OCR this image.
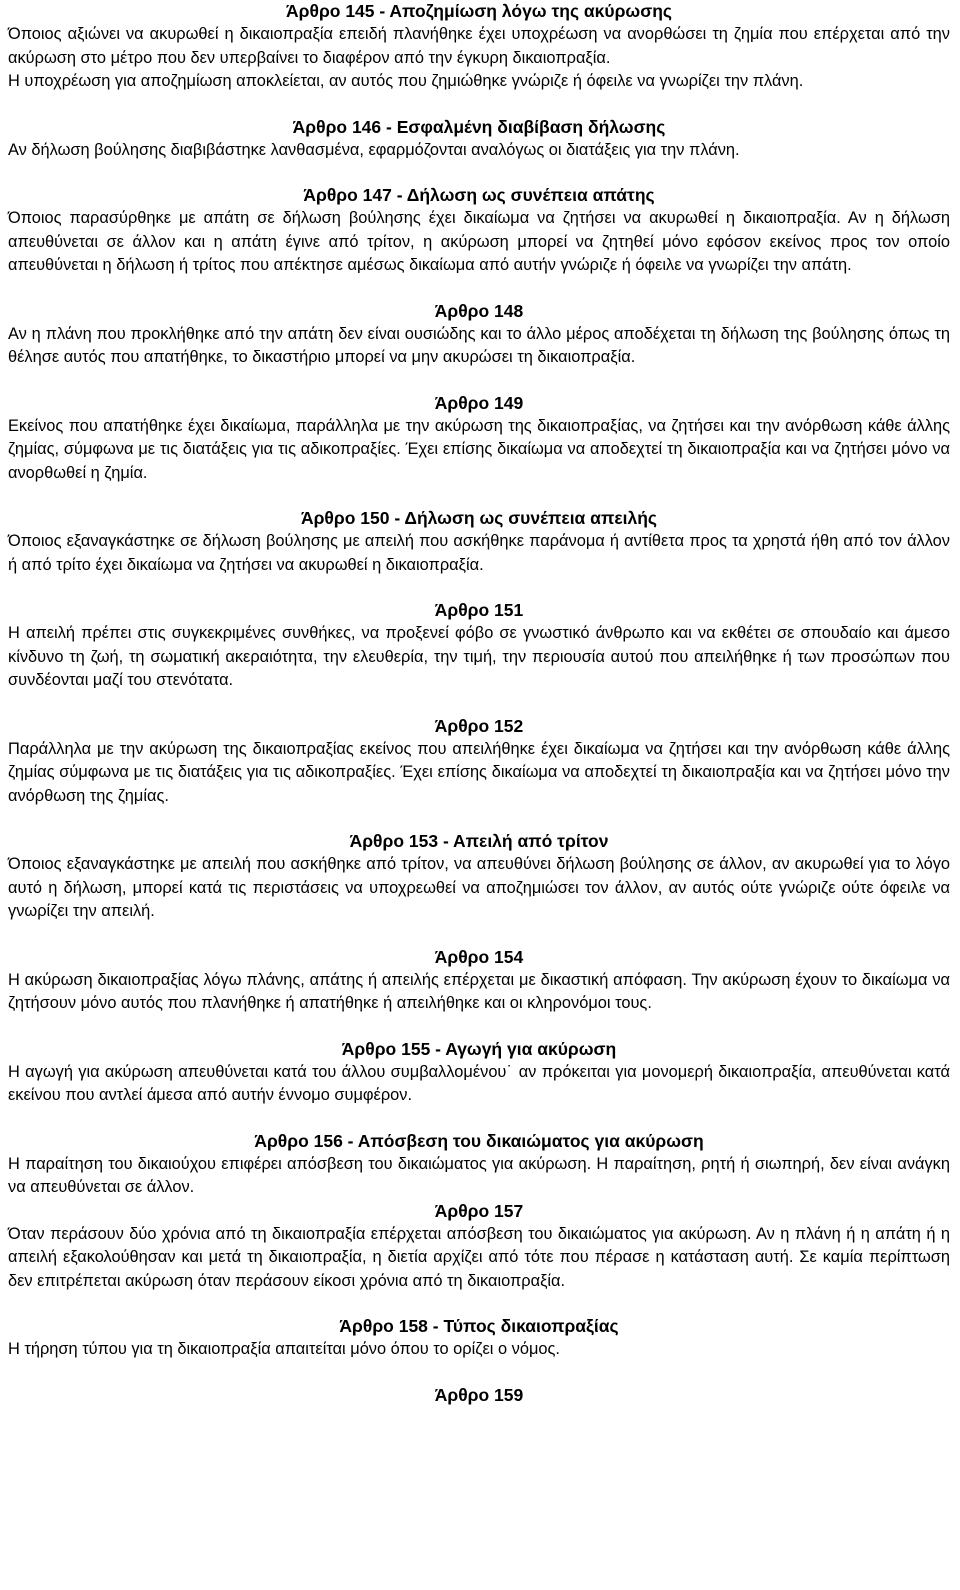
Άρθρο 145 - Αποζημίωση λόγω της ακύρωσης

Όποιος αξιώνει να ακυρωθεί η δικαιοπραξία επειδή πλανήθηκε έχει υποχρέωση να ανορθώσει τη ζημία που επέρχεται από την ακύρωση στο μέτρο που δεν υπερβαίνει το διαφέρον από την έγκυρη δικαιοπραξία.

Η υποχρέωση για αποζημίωση αποκλείεται, αν αυτός που ζημιώθηκε γνώριζε ή όφειλε να γνωρίζει την πλάνη.

Άρθρο 146 - Εσφαλμένη διαβίβαση δήλωσης

Αν δήλωση βούλησης διαβιβάστηκε λανθασμένα, εφαρμόζονται αναλόγως οι διατάξεις για την πλάνη.

Άρθρο 147 - Δήλωση ως συνέπεια απάτης

Όποιος παρασύρθηκε με απάτη σε δήλωση βούλησης έχει δικαίωμα να ζητήσει να ακυρωθεί η δικαιοπραξία. Αν η δήλωση απευθύνεται σε άλλον και η απάτη έγινε από τρίτον, η ακύρωση μπορεί να ζητηθεί μόνο εφόσον εκείνος προς τον οποίο απευθύνεται η δήλωση ή τρίτος που απέκτησε αμέσως δικαίωμα από αυτήν γνώριζε ή όφειλε να γνωρίζει την απάτη.

Άρθρο 148

Αν η πλάνη που προκλήθηκε από την απάτη δεν είναι ουσιώδης και το άλλο μέρος αποδέχεται τη δήλωση της βούλησης όπως τη θέλησε αυτός που απατήθηκε, το δικαστήριο μπορεί να μην ακυρώσει τη δικαιοπραξία.

Άρθρο 149

Εκείνος που απατήθηκε έχει δικαίωμα, παράλληλα με την ακύρωση της δικαιοπραξίας, να ζητήσει και την ανόρθωση κάθε άλλης ζημίας, σύμφωνα με τις διατάξεις για τις αδικοπραξίες. Έχει επίσης δικαίωμα να αποδεχτεί τη δικαιοπραξία και να ζητήσει μόνο να ανορθωθεί η ζημία.

Άρθρο 150 - Δήλωση ως συνέπεια απειλής

Όποιος εξαναγκάστηκε σε δήλωση βούλησης με απειλή που ασκήθηκε παράνομα ή αντίθετα προς τα χρηστά ήθη από τον άλλον ή από τρίτο έχει δικαίωμα να ζητήσει να ακυρωθεί η δικαιοπραξία.

Άρθρο 151

Η απειλή πρέπει στις συγκεκριμένες συνθήκες, να προξενεί φόβο σε γνωστικό άνθρωπο και να εκθέτει σε σπουδαίο και άμεσο κίνδυνο τη ζωή, τη σωματική ακεραιότητα, την ελευθερία, την τιμή, την περιουσία αυτού που απειλήθηκε ή των προσώπων που συνδέονται μαζί του στενότατα.

Άρθρο 152

Παράλληλα με την ακύρωση της δικαιοπραξίας εκείνος που απειλήθηκε έχει δικαίωμα να ζητήσει και την ανόρθωση κάθε άλλης ζημίας σύμφωνα με τις διατάξεις για τις αδικοπραξίες. Έχει επίσης δικαίωμα να αποδεχτεί τη δικαιοπραξία και να ζητήσει μόνο την ανόρθωση της ζημίας.

Άρθρο 153 - Απειλή από τρίτον

Όποιος εξαναγκάστηκε με απειλή που ασκήθηκε από τρίτον, να απευθύνει δήλωση βούλησης σε άλλον, αν ακυρωθεί για το λόγο αυτό η δήλωση, μπορεί κατά τις περιστάσεις να υποχρεωθεί να αποζημιώσει τον άλλον, αν αυτός ούτε γνώριζε ούτε όφειλε να γνωρίζει την απειλή.

Άρθρο 154

Η ακύρωση δικαιοπραξίας λόγω πλάνης, απάτης ή απειλής επέρχεται με δικαστική απόφαση. Την ακύρωση έχουν το δικαίωμα να ζητήσουν μόνο αυτός που πλανήθηκε ή απατήθηκε ή απειλήθηκε και οι κληρονόμοι τους.

Άρθρο 155 - Αγωγή για ακύρωση

Η αγωγή για ακύρωση απευθύνεται κατά του άλλου συμβαλλομένου˙ αν πρόκειται για μονομερή δικαιοπραξία, απευθύνεται κατά εκείνου που αντλεί άμεσα από αυτήν έννομο συμφέρον.

Άρθρο 156 - Απόσβεση του δικαιώματος για ακύρωση

Η παραίτηση του δικαιούχου επιφέρει απόσβεση του δικαιώματος για ακύρωση. Η παραίτηση, ρητή ή σιωπηρή, δεν είναι ανάγκη να απευθύνεται σε άλλον.

Άρθρο 157

Όταν περάσουν δύο χρόνια από τη δικαιοπραξία επέρχεται απόσβεση του δικαιώματος για ακύρωση. Αν η πλάνη ή η απάτη ή η απειλή εξακολούθησαν και μετά τη δικαιοπραξία, η διετία αρχίζει από τότε που πέρασε η κατάσταση αυτή. Σε καμία περίπτωση δεν επιτρέπεται ακύρωση όταν περάσουν είκοσι χρόνια από τη δικαιοπραξία.

Άρθρο 158 - Τύπος δικαιοπραξίας

Η τήρηση τύπου για τη δικαιοπραξία απαιτείται μόνο όπου το ορίζει ο νόμος.

Άρθρο 159
